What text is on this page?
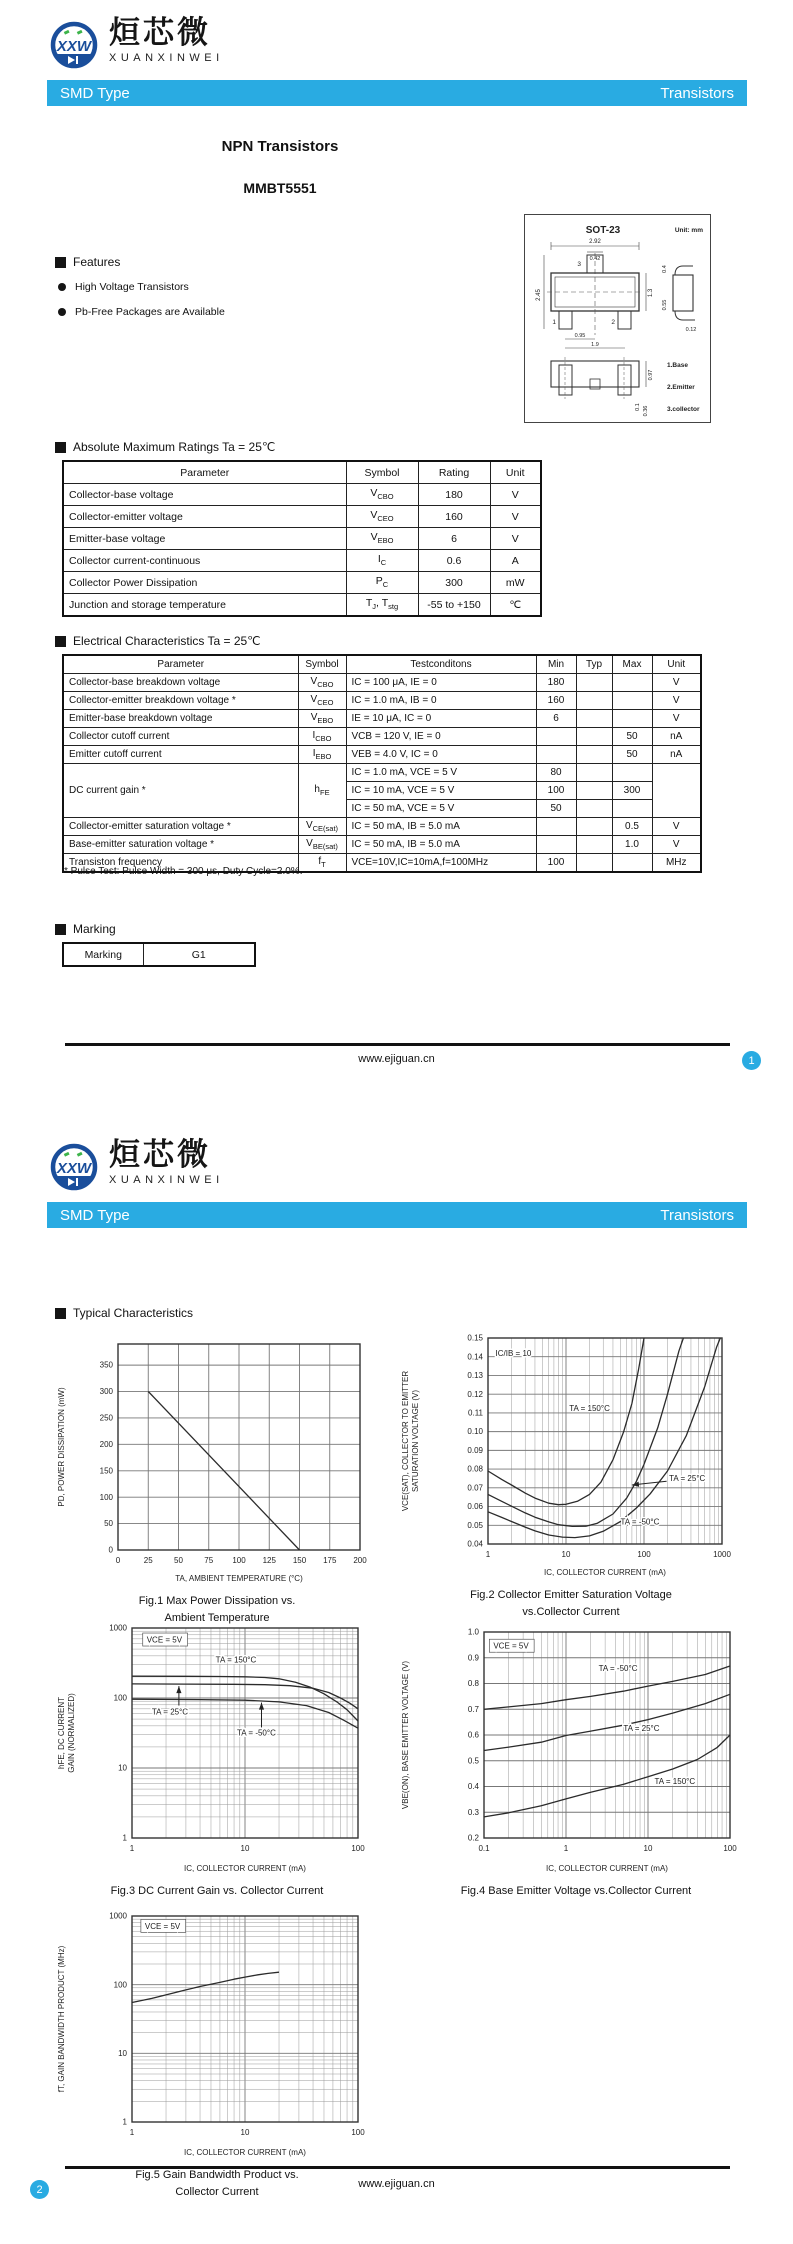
XXW 烜芯微
XUANXINWEI
SMD Type	Transistors
NPN Transistors
MMBT5551
Features
High Voltage Transistors
Pb-Free Packages are Available
SOT-23	Unit: mm
3
1	2
2.92
0.42
2.45	1.3
0.95
1.9
0.4
0.55
0.12
0.97
0.1 0.36
1.Base
2.Emitter
3.collector
Absolute Maximum Ratings Ta = 25℃
Parameter	Symbol	Rating	Unit
Collector-base voltage	$V_{CBO}$	180	V
Collector-emitter voltage	$V_{CEO}$	160	V
Emitter-base voltage	$V_{EBO}$	6	V
Collector current-continuous	$I_C$	0.6	A
Collector Power Dissipation	$P_C$	300	mW
Junction and storage temperature	$T_J$, $T_{stg}$	-55 to +150	℃
Electrical Characteristics Ta = 25℃
Parameter	Symbol	Testconditons	Min	Typ	Max	Unit
Collector-base breakdown voltage	$V_{CBO}$	IC = 100 μA, IE = 0	180			V
Collector-emitter breakdown voltage *	$V_{CEO}$	IC = 1.0 mA, IB = 0	160			V
Emitter-base breakdown voltage	$V_{EBO}$	IE = 10 μA, IC = 0	6			V
Collector cutoff current	$I_{CBO}$	VCB = 120 V, IE = 0			50	nA
Emitter cutoff current	$I_{EBO}$	VEB = 4.0 V, IC = 0			50	nA
DC current gain *	$h_{FE}$	IC = 1.0 mA, VCE = 5 V	80			
		IC = 10 mA, VCE = 5 V	100		300	
		IC = 50 mA, VCE = 5 V	50			
Collector-emitter saturation voltage *	$V_{CE(sat)}$	IC = 50 mA, IB = 5.0 mA			0.5	V
Base-emitter saturation voltage *	$V_{BE(sat)}$	IC = 50 mA, IB = 5.0 mA			1.0	V
Transiston frequency	$f_T$	VCE=10V,IC=10mA,f=100MHz	100			MHz
* Pulse Test: Pulse Width = 300 μs, Duty Cycle=2.0%.
Marking
Marking	G1
www.ejiguan.cn	1
XXW 烜芯微
XUANXINWEI
SMD Type	Transistors
Typical Characteristics
0	25	50	75 100 125 150 175 200
0
50
100
150
200
250
300
350
TA, AMBIENT TEMPERATURE (°C)
PD, POWER DISSIPATION (mW)
Fig.1 Max Power Dissipation vs.
Ambient Temperature
1	10	100	1000
0.04
0.05
0.06
0.07
0.08
0.09
0.10
0.11
0.12
0.13
0.14
0.15
IC, COLLECTOR CURRENT (mA)
VCE(SAT), COLLECTOR TO EMITTER SATURATION VOLTAGE (V)
IC/IB = 10
TA = 150°C
TA = 25°C
TA = -50°C
Fig.2 Collector Emitter Saturation Voltage
vs.Collector Current
1	10	100
1
10
100
1000
IC, COLLECTOR CURRENT (mA)
hFE, DC CURRENT GAIN (NORMALIZED)
VCE = 5V
TA = 150°C
TA = 25°C
TA = -50°C
Fig.3 DC Current Gain vs. Collector Current
0.1	1	10	100
0.2
0.3
0.4
0.5
0.6
0.7
0.8
0.9
1.0
IC, COLLECTOR CURRENT (mA)
VBE(ON), BASE EMITTER VOLTAGE (V)
VCE = 5V
TA = -50°C
TA = 25°C
TA = 150°C
Fig.4 Base Emitter Voltage vs.Collector Current
1	10	100
1
10
100
1000
IC, COLLECTOR CURRENT (mA)
fT, GAIN BANDWIDTH PRODUCT (MHz)
VCE = 5V
Fig.5 Gain Bandwidth Product vs.
Collector Current
www.ejiguan.cn
2
